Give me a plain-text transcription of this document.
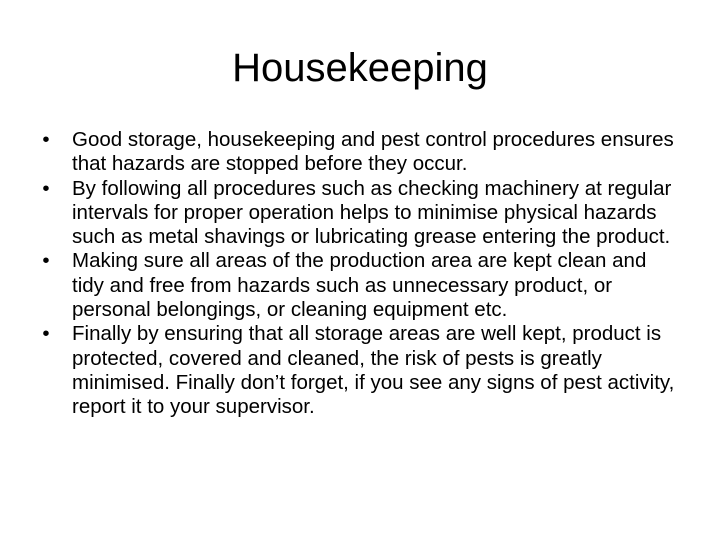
Housekeeping
•	Good storage, housekeeping and pest control procedures ensures that hazards are stopped before they occur.
•	By following all procedures such as checking machinery at regular intervals for proper operation helps to minimise physical hazards such as metal shavings or lubricating grease entering the product.
•	Making sure all areas of the production area are kept clean and tidy and free from hazards such as unnecessary product, or personal belongings, or cleaning equipment etc.
•	Finally by ensuring that all storage areas are well kept, product is protected, covered and cleaned, the risk of pests is greatly minimised. Finally don’t forget, if you see any signs of pest activity, report it to your supervisor.
